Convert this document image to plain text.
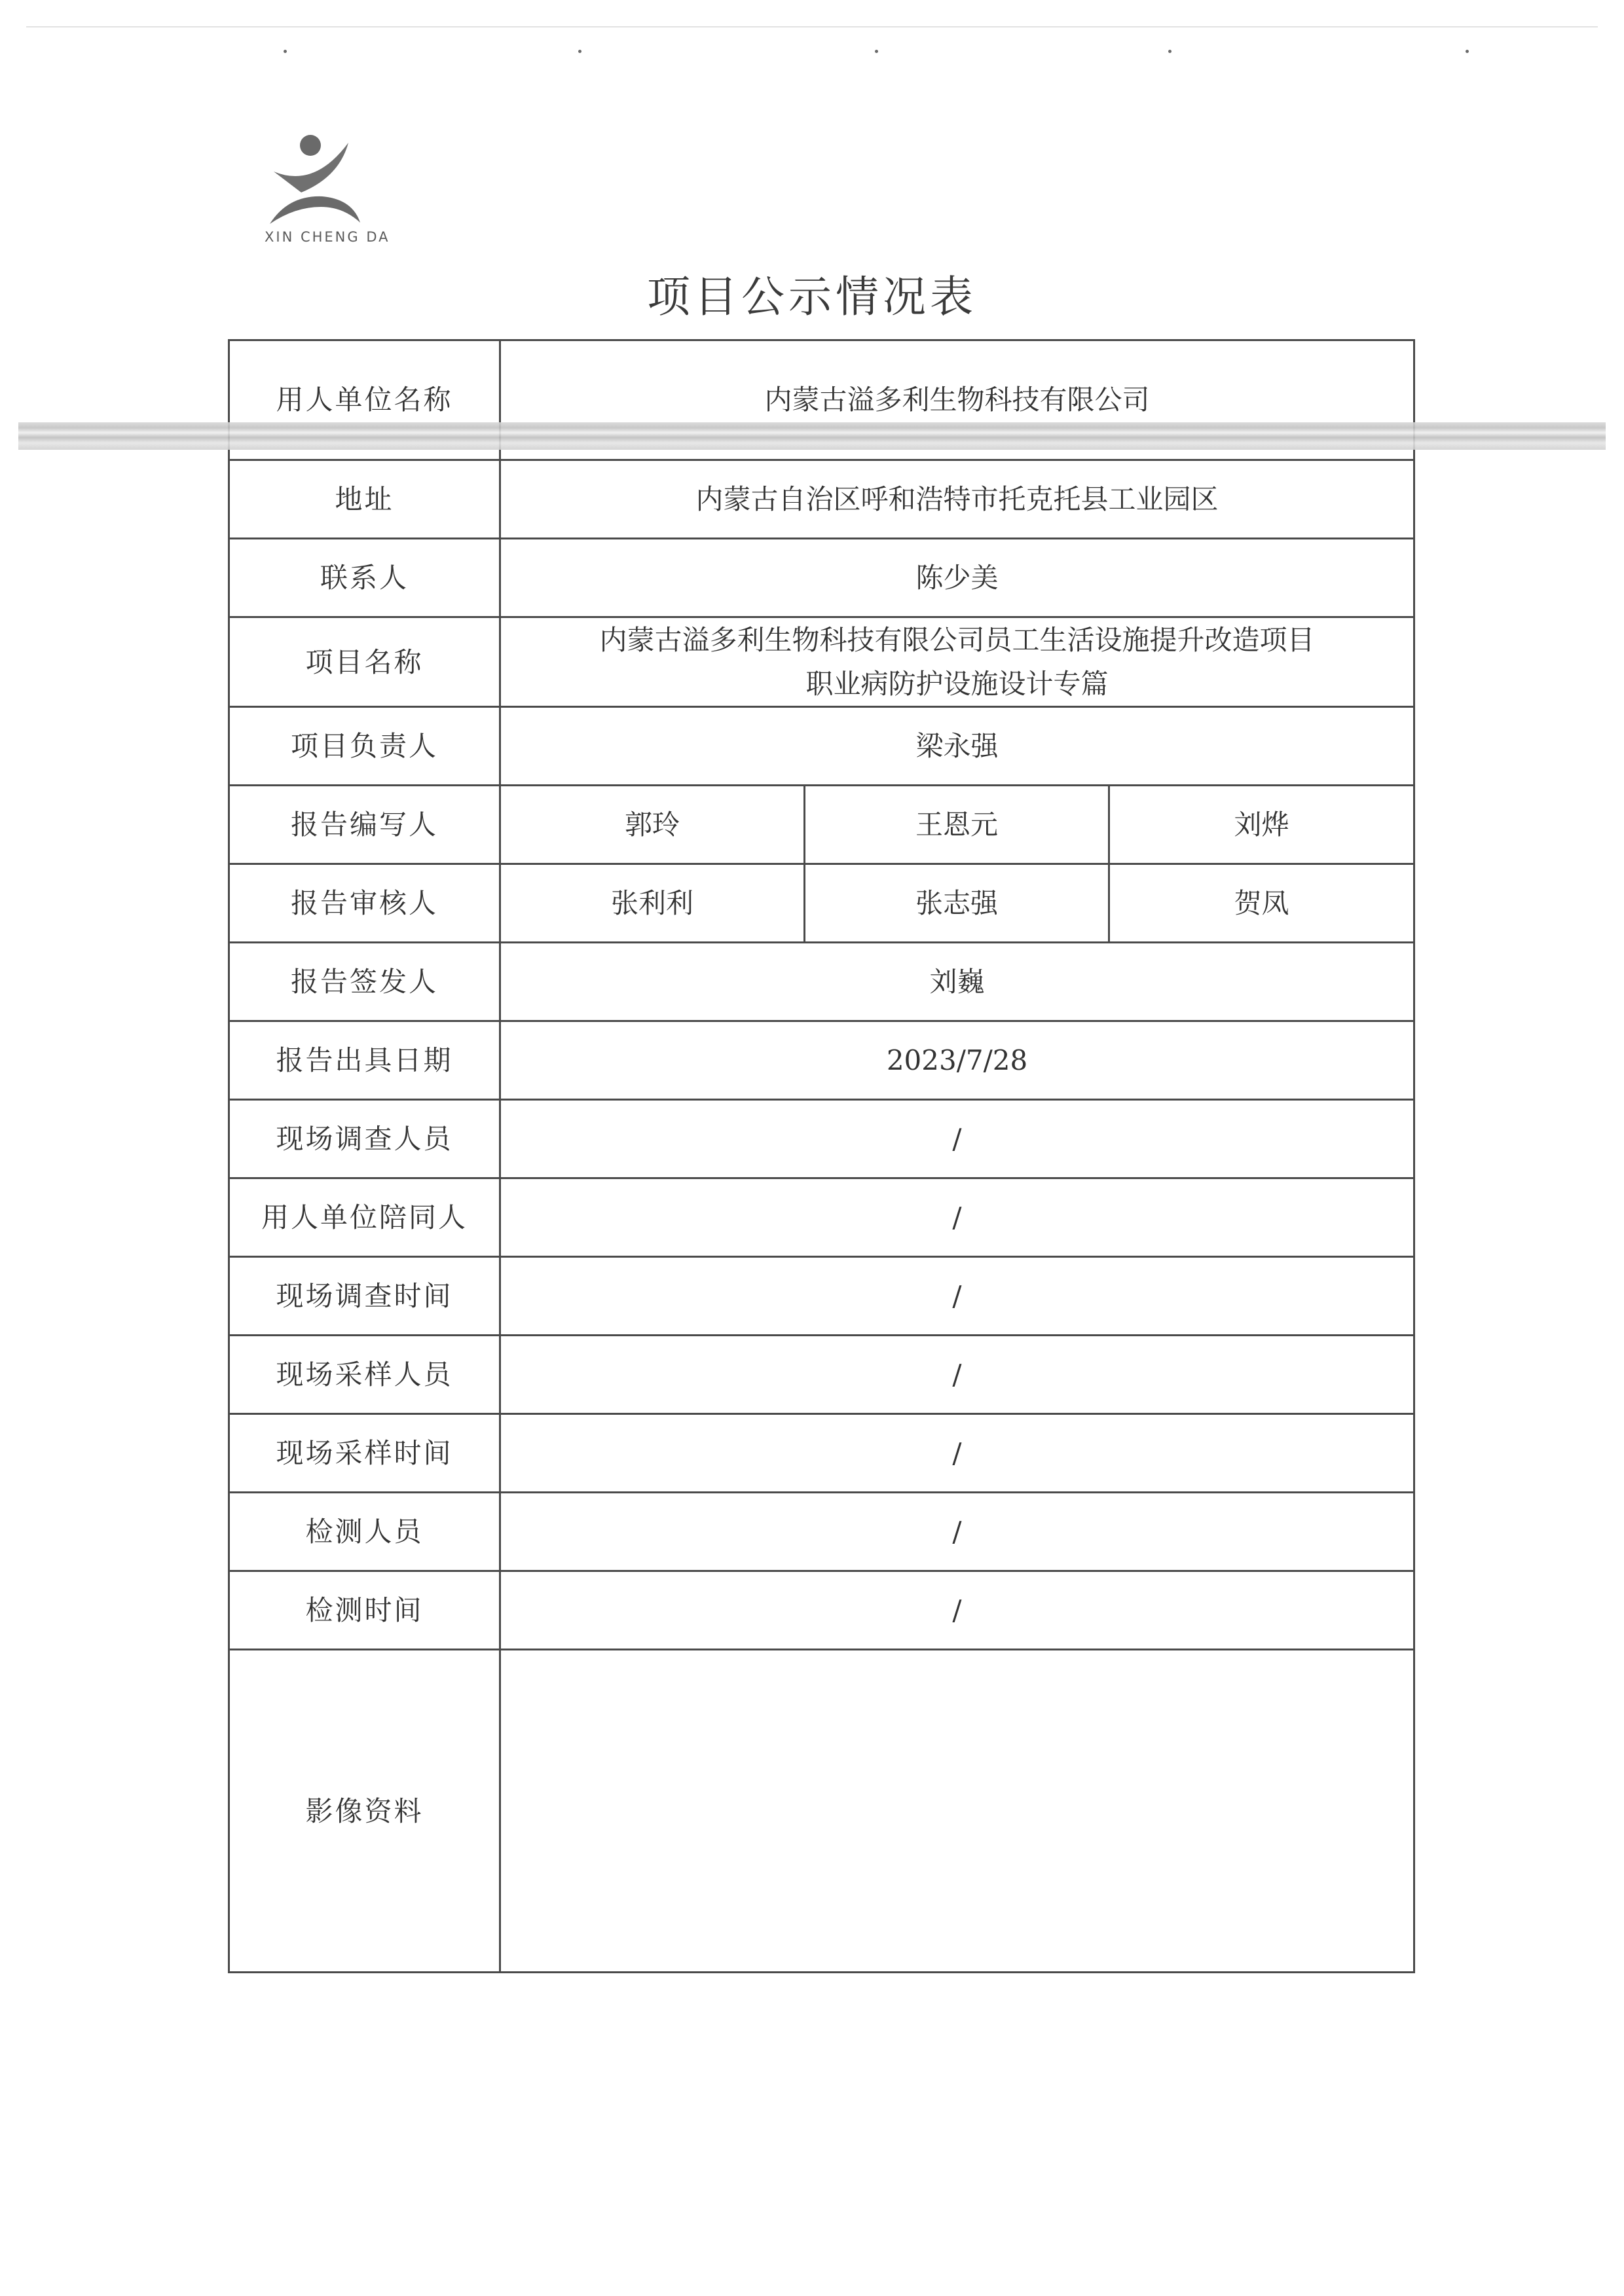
XIN CHENG DA
项目公示情况表
用人单位名称	内蒙古溢多利生物科技有限公司		
地址	内蒙古自治区呼和浩特市托克托县工业园区		
联系人	陈少美		
项目名称	内蒙古溢多利生物科技有限公司员工生活设施提升改造项目
职业病防护设施设计专篇		

项目负责人	梁永强		
报告编写人	郭玲	王恩元	刘烨
报告审核人	张利利	张志强	贺凤
报告签发人	刘巍		
报告出具日期	2023/7/28		
现场调查人员	/		
用人单位陪同人	/		
现场调查时间	/		
现场采样人员	/		
现场采样时间	/		
检测人员	/		
检测时间	/		
影像资料			
